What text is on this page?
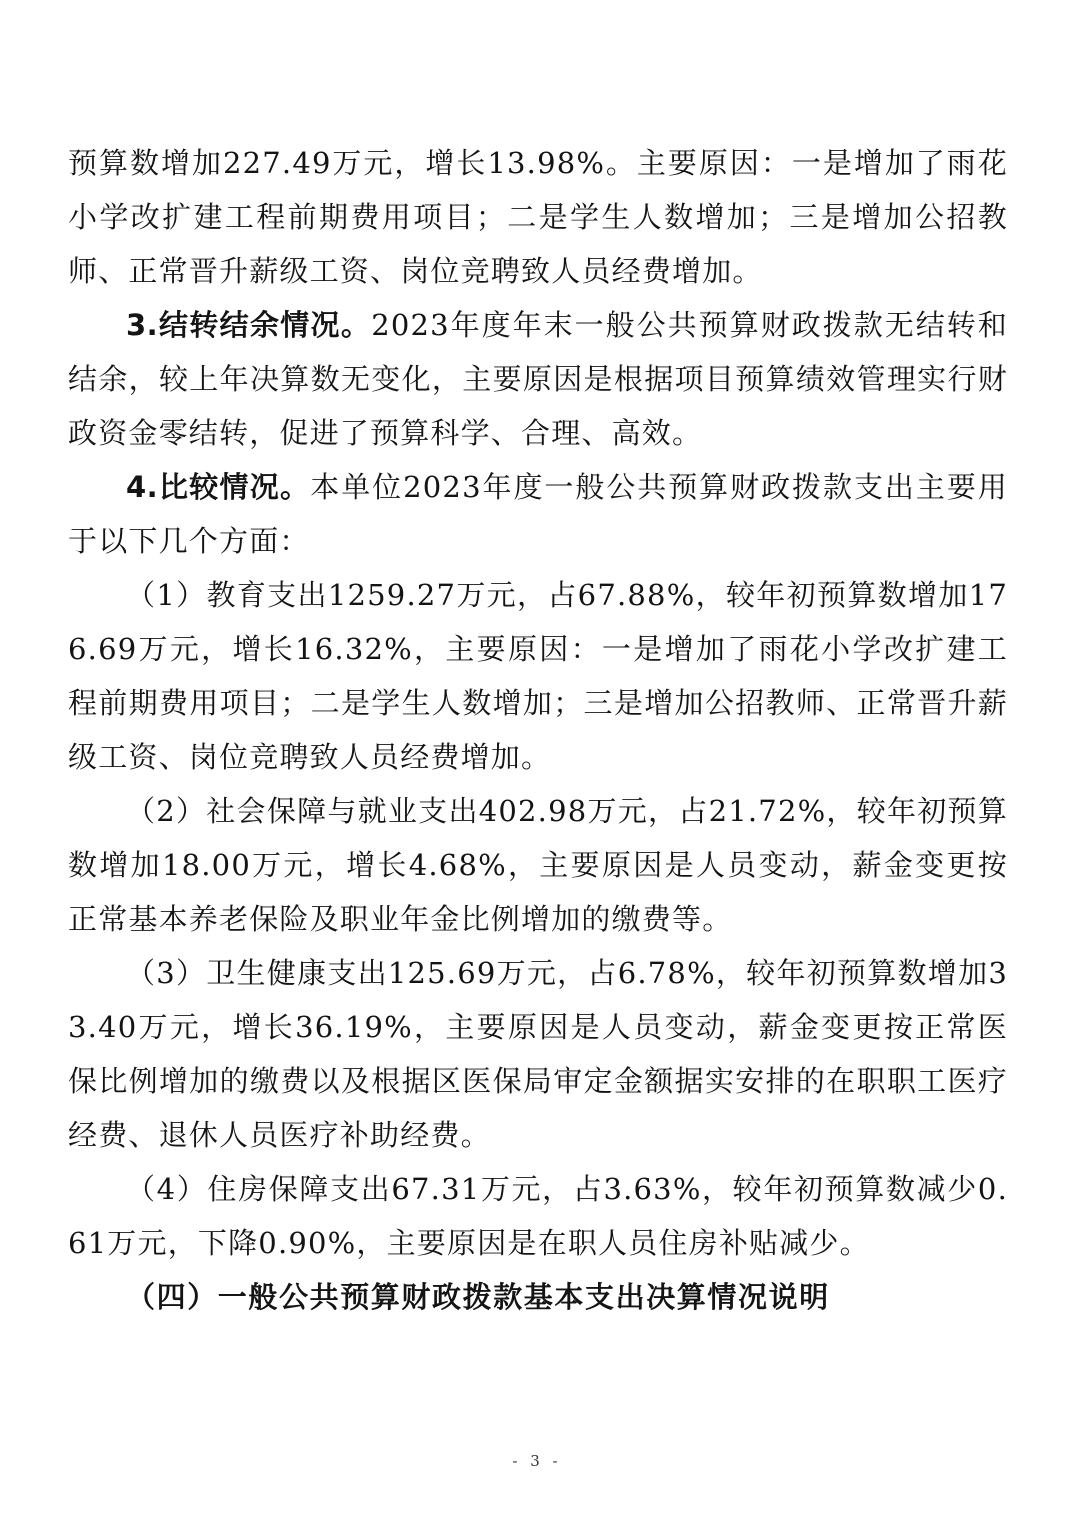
预算数增加227.49万元，增长13.98%。主要原因：一是增加了雨花小学改扩建工程前期费用项目；二是学生人数增加；三是增加公招教师、正常晋升薪级工资、岗位竞聘致人员经费增加。

3.结转结余情况。2023年度年末一般公共预算财政拨款无结转和结余，较上年决算数无变化，主要原因是根据项目预算绩效管理实行财政资金零结转，促进了预算科学、合理、高效。

4.比较情况。本单位2023年度一般公共预算财政拨款支出主要用于以下几个方面：

（1）教育支出1259.27万元，占67.88%，较年初预算数增加176.69万元，增长16.32%，主要原因：一是增加了雨花小学改扩建工程前期费用项目；二是学生人数增加；三是增加公招教师、正常晋升薪级工资、岗位竞聘致人员经费增加。

（2）社会保障与就业支出402.98万元，占21.72%，较年初预算数增加18.00万元，增长4.68%，主要原因是人员变动，薪金变更按正常基本养老保险及职业年金比例增加的缴费等。

（3）卫生健康支出125.69万元，占6.78%，较年初预算数增加33.40万元，增长36.19%，主要原因是人员变动，薪金变更按正常医保比例增加的缴费以及根据区医保局审定金额据实安排的在职职工医疗经费、退休人员医疗补助经费。

（4）住房保障支出67.31万元，占3.63%，较年初预算数减少0.61万元，下降0.90%，主要原因是在职人员住房补贴减少。

（四）一般公共预算财政拨款基本支出决算情况说明
- 3 -
